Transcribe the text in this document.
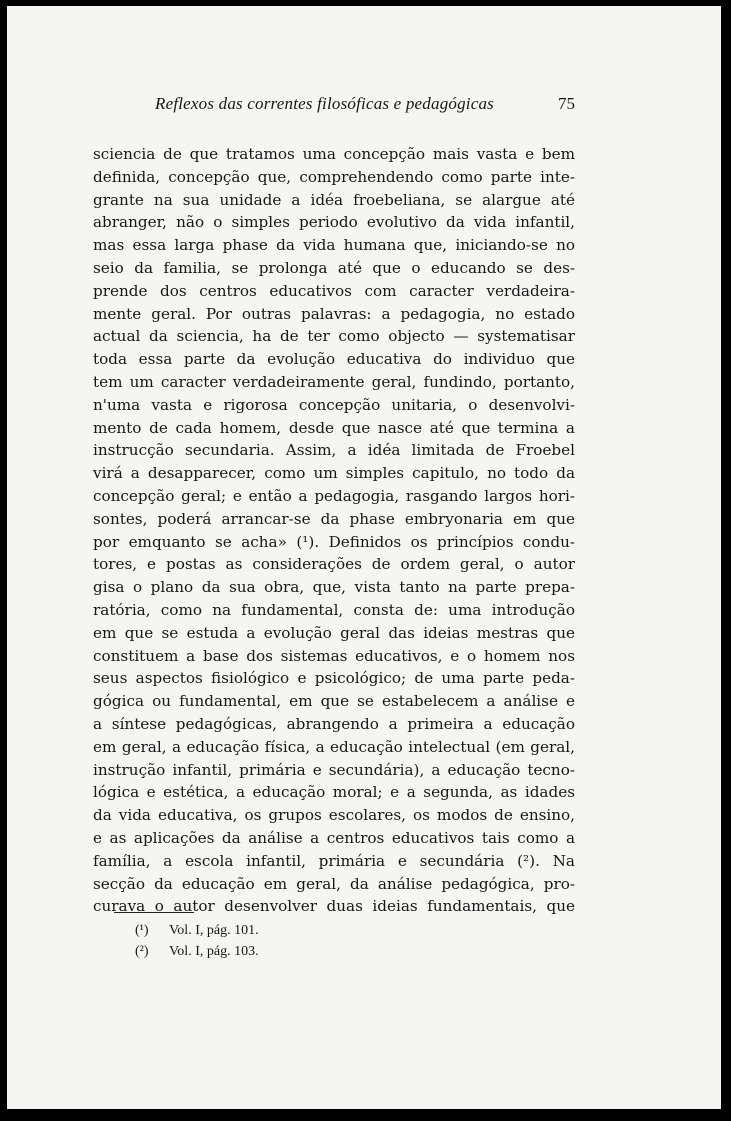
Reflexos das correntes filosóficas e pedagógicas	75
sciencia de que tratamos uma concepção mais vasta e bem
definida, concepção que, comprehendendo como parte inte-
grante na sua unidade a idéa froebeliana, se alargue até
abranger, não o simples periodo evolutivo da vida infantil,
mas essa larga phase da vida humana que, iniciando-se no
seio da familia, se prolonga até que o educando se des-
prende dos centros educativos com caracter verdadeira-
mente geral. Por outras palavras: a pedagogia, no estado
actual da sciencia, ha de ter como objecto — systematisar
toda essa parte da evolução educativa do individuo que
tem um caracter verdadeiramente geral, fundindo, portanto,
n'uma vasta e rigorosa concepção unitaria, o desenvolvi-
mento de cada homem, desde que nasce até que termina a
instrucção secundaria. Assim, a idéa limitada de Froebel
virá a desapparecer, como um simples capitulo, no todo da
concepção geral; e então a pedagogia, rasgando largos hori-
sontes, poderá arrancar-se da phase embryonaria em que
por emquanto se acha» (¹). Definidos os princípios condu-
tores, e postas as considerações de ordem geral, o autor
gisa o plano da sua obra, que, vista tanto na parte prepa-
ratória, como na fundamental, consta de: uma introdução
em que se estuda a evolução geral das ideias mestras que
constituem a base dos sistemas educativos, e o homem nos
seus aspectos fisiológico e psicológico; de uma parte peda-
gógica ou fundamental, em que se estabelecem a análise e
a síntese pedagógicas, abrangendo a primeira a educação
em geral, a educação física, a educação intelectual (em geral,
instrução infantil, primária e secundária), a educação tecno-
lógica e estética, a educação moral; e a segunda, as idades
da vida educativa, os grupos escolares, os modos de ensino,
e as aplicações da análise a centros educativos tais como a
família, a escola infantil, primária e secundária (²). Na
secção da educação em geral, da análise pedagógica, pro-
curava o autor desenvolver duas ideias fundamentais, que
(¹) Vol. I, pág. 101.
(²) Vol. I, pág. 103.
